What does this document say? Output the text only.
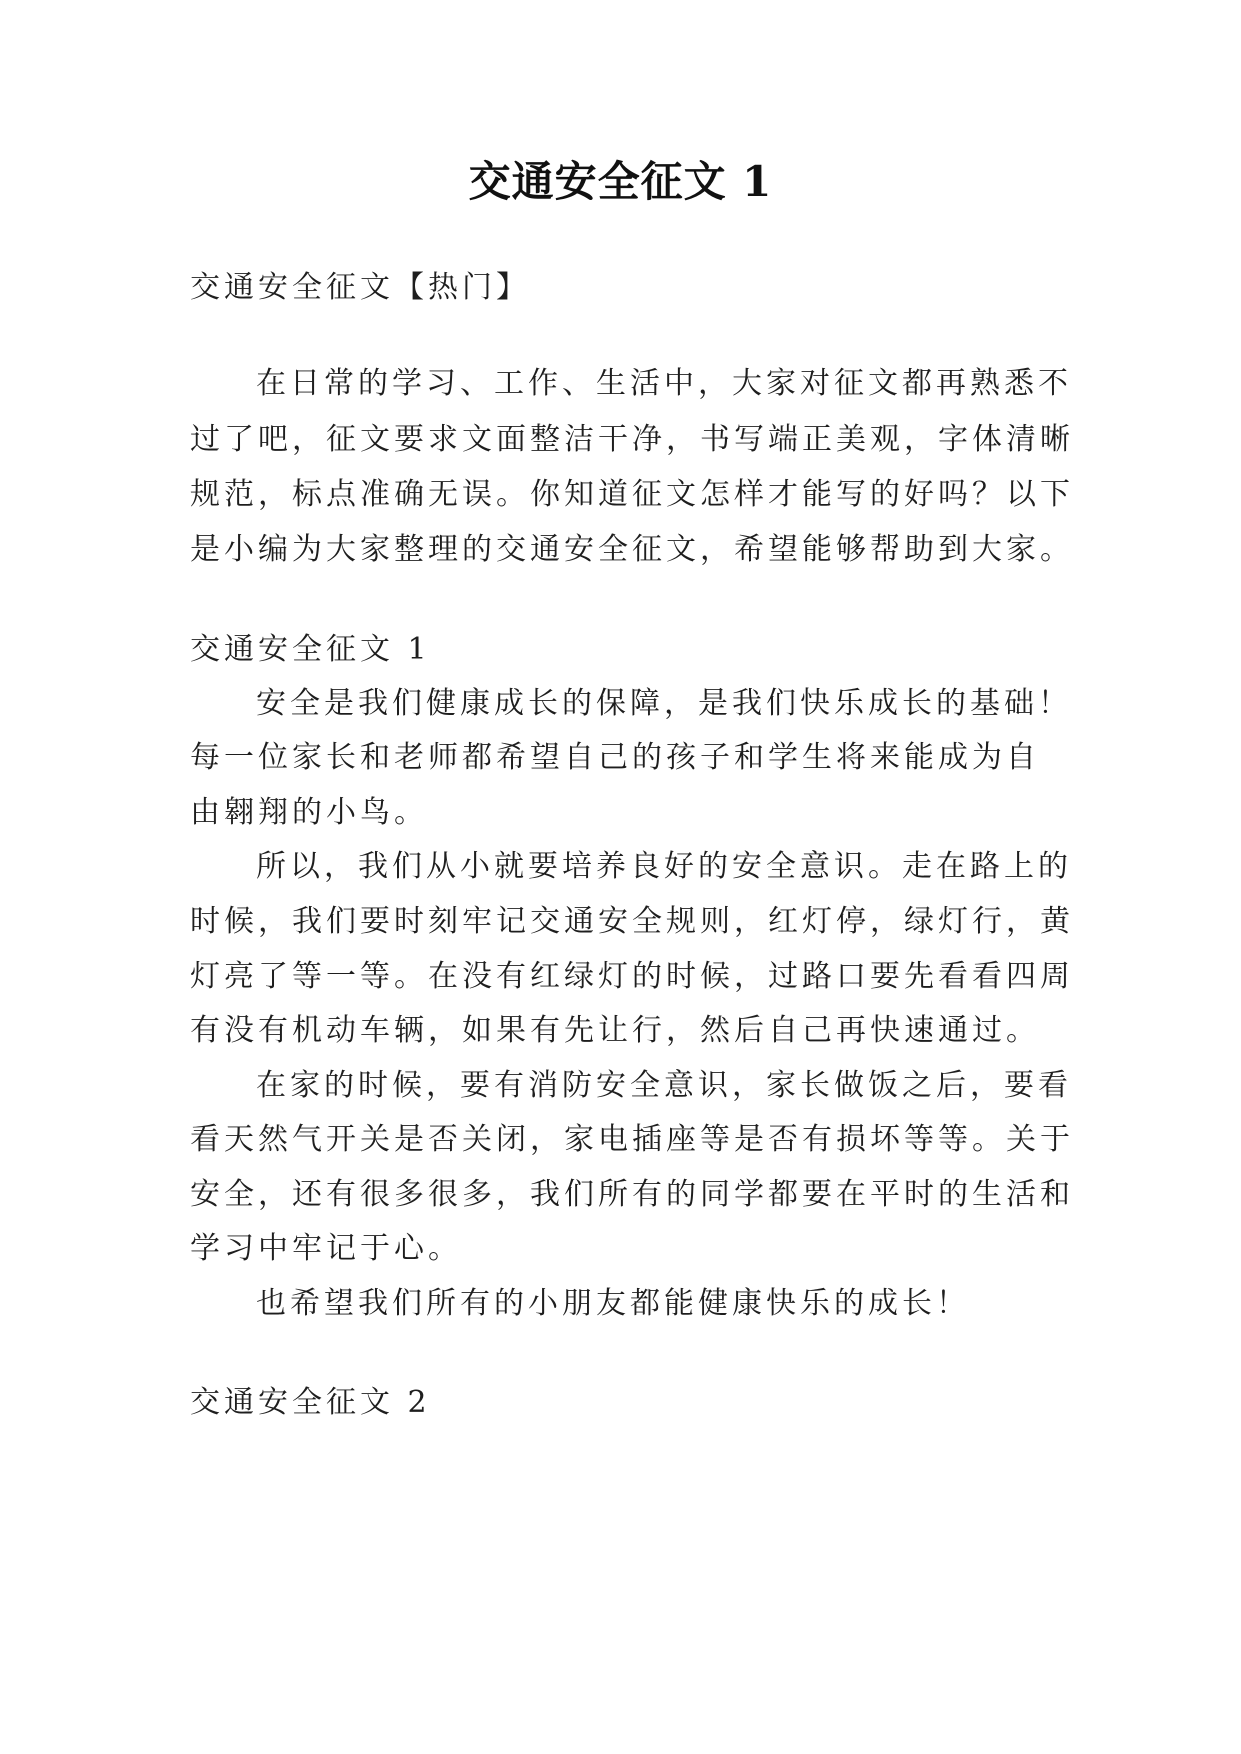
交通安全征文 1

交通安全征文【热门】

在日常的学习、工作、生活中，大家对征文都再熟悉不

过了吧，征文要求文面整洁干净，书写端正美观，字体清晰

规范，标点准确无误。你知道征文怎样才能写的好吗？以下

是小编为大家整理的交通安全征文，希望能够帮助到大家。

交通安全征文 1

安全是我们健康成长的保障，是我们快乐成长的基础！

每一位家长和老师都希望自己的孩子和学生将来能成为自

由翱翔的小鸟。

所以，我们从小就要培养良好的安全意识。走在路上的

时候，我们要时刻牢记交通安全规则，红灯停，绿灯行，黄

灯亮了等一等。在没有红绿灯的时候，过路口要先看看四周

有没有机动车辆，如果有先让行，然后自己再快速通过。

在家的时候，要有消防安全意识，家长做饭之后，要看

看天然气开关是否关闭，家电插座等是否有损坏等等。关于

安全，还有很多很多，我们所有的同学都要在平时的生活和

学习中牢记于心。

也希望我们所有的小朋友都能健康快乐的成长！

交通安全征文 2
